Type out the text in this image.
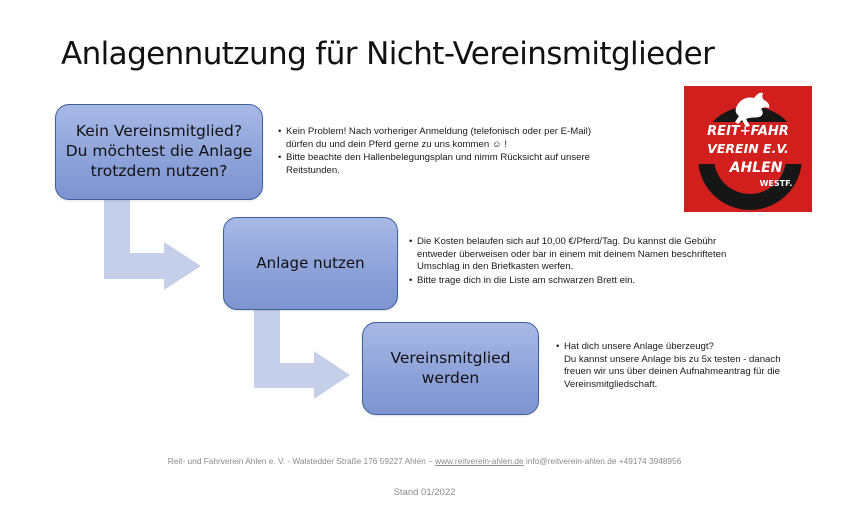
Anlagennutzung für Nicht-Vereinsmitglieder
Kein Vereinsmitglied?
Du möchtest die Anlage
trotzdem nutzen?
Anlage nutzen
Vereinsmitglied
werden
• Kein Problem! Nach vorheriger Anmeldung (telefonisch oder per E-Mail)
dürfen du und dein Pferd gerne zu uns kommen ☺ !
• Bitte beachte den Hallenbelegungsplan und nimm Rücksicht auf unsere
Reitstunden.
• Die Kosten belaufen sich auf 10,00 €/Pferd/Tag. Du kannst die Gebühr
entweder überweisen oder bar in einem mit deinem Namen beschrifteten
Umschlag in den Briefkasten werfen.
• Bitte trage dich in die Liste am schwarzen Brett ein.
• Hat dich unsere Anlage überzeugt?
Du kannst unsere Anlage bis zu 5x testen - danach
freuen wir uns über deinen Aufnahmeantrag für die
Vereinsmitgliedschaft.
REIT+FAHR
VEREIN E.V.
AHLEN
WESTF.
Reit- und Fahrverein Ahlen e. V. - Walstedder Straße 176 59227 Ahlen – www.reitverein-ahlen.de info@reitverein-ahlen.de +49174 3948956
Stand 01/2022
